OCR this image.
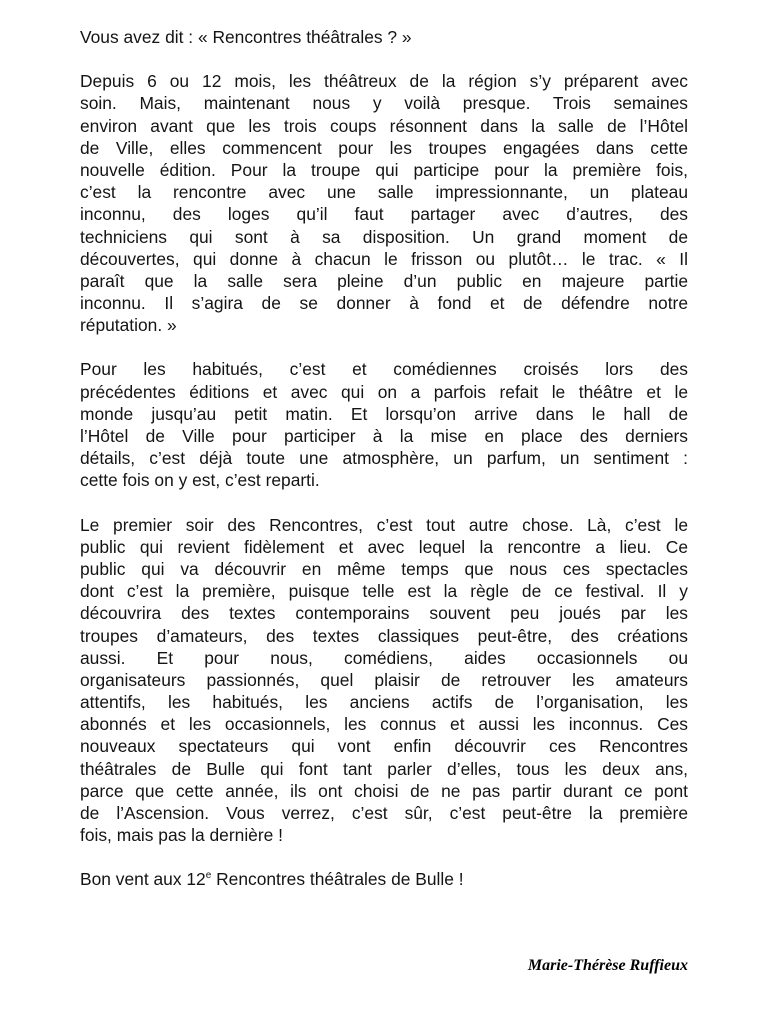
Vous avez dit : « Rencontres théâtrales ? »
Depuis 6 ou 12 mois, les théâtreux de la région s’y préparent avec
soin. Mais, maintenant nous y voilà presque. Trois semaines
environ avant que les trois coups résonnent dans la salle de l’Hôtel
de Ville, elles commencent pour les troupes engagées dans cette
nouvelle édition. Pour la troupe qui participe pour la première fois,
c’est la rencontre avec une salle impressionnante, un plateau
inconnu, des loges qu’il faut partager avec d’autres, des
techniciens qui sont à sa disposition. Un grand moment de
découvertes, qui donne à chacun le frisson ou plutôt… le trac. « Il
paraît que la salle sera pleine d’un public en majeure partie
inconnu. Il s’agira de se donner à fond et de défendre notre
réputation. »
Pour les habitués, c’est et comédiennes croisés lors des
précédentes éditions et avec qui on a parfois refait le théâtre et le
monde jusqu’au petit matin. Et lorsqu’on arrive dans le hall de
l’Hôtel de Ville pour participer à la mise en place des derniers
détails, c’est déjà toute une atmosphère, un parfum, un sentiment :
cette fois on y est, c’est reparti.
Le premier soir des Rencontres, c’est tout autre chose. Là, c’est le
public qui revient fidèlement et avec lequel la rencontre a lieu. Ce
public qui va découvrir en même temps que nous ces spectacles
dont c’est la première, puisque telle est la règle de ce festival. Il y
découvrira des textes contemporains souvent peu joués par les
troupes d’amateurs, des textes classiques peut-être, des créations
aussi. Et pour nous, comédiens, aides occasionnels ou
organisateurs passionnés, quel plaisir de retrouver les amateurs
attentifs, les habitués, les anciens actifs de l’organisation, les
abonnés et les occasionnels, les connus et aussi les inconnus. Ces
nouveaux spectateurs qui vont enfin découvrir ces Rencontres
théâtrales de Bulle qui font tant parler d’elles, tous les deux ans,
parce que cette année, ils ont choisi de ne pas partir durant ce pont
de l’Ascension. Vous verrez, c’est sûr, c’est peut-être la première
fois, mais pas la dernière !
Bon vent aux 12e Rencontres théâtrales de Bulle !
Marie-Thérèse Ruffieux
